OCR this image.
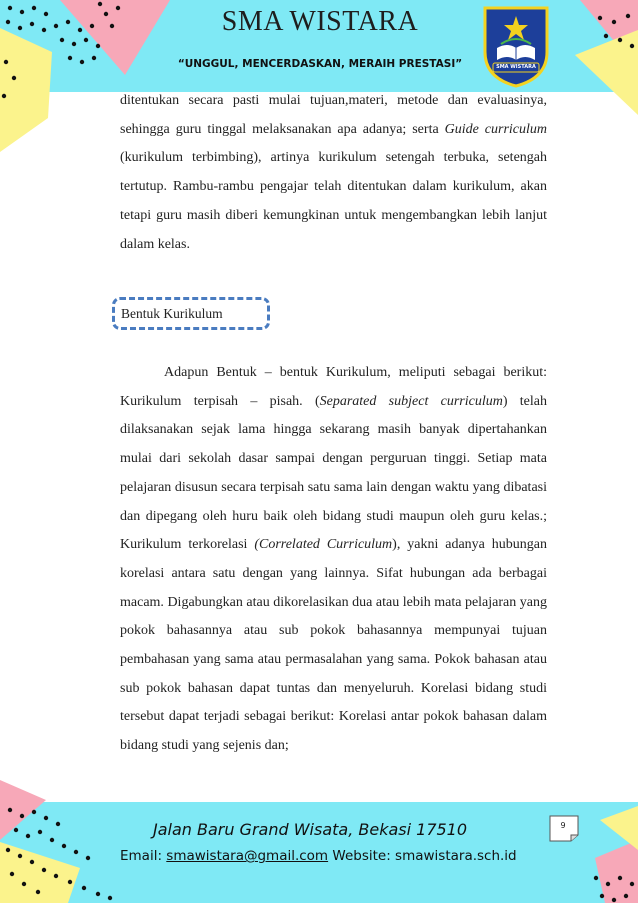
SMA WISTARA
“UNGGUL, MENCERDASKAN, MERAIH PRESTASI”	SMA WISTARA

ditentukan secara pasti mulai tujuan,materi, metode dan evaluasinya, sehingga guru tinggal melaksanakan apa adanya; serta Guide curriculum (kurikulum terbimbing), artinya kurikulum setengah terbuka, setengah tertutup. Rambu-rambu pengajar telah ditentukan dalam kurikulum, akan tetapi guru masih diberi kemungkinan untuk mengembangkan lebih lanjut dalam kelas.

Bentuk Kurikulum

Adapun Bentuk – bentuk Kurikulum, meliputi sebagai berikut: Kurikulum terpisah – pisah. (Separated subject curriculum) telah dilaksanakan sejak lama hingga sekarang masih banyak dipertahankan mulai dari sekolah dasar sampai dengan perguruan tinggi. Setiap mata pelajaran disusun secara terpisah satu sama lain dengan waktu yang dibatasi dan dipegang oleh huru baik oleh bidang studi maupun oleh guru kelas.; Kurikulum terkorelasi (Correlated Curriculum), yakni adanya hubungan korelasi antara satu dengan yang lainnya. Sifat hubungan ada berbagai macam. Digabungkan atau dikorelasikan dua atau lebih mata pelajaran yang pokok bahasannya atau sub pokok bahasannya mempunyai tujuan pembahasan yang sama atau permasalahan yang sama. Pokok bahasan atau sub pokok bahasan dapat tuntas dan menyeluruh. Korelasi bidang studi tersebut dapat terjadi sebagai berikut: Korelasi antar pokok bahasan dalam bidang studi yang sejenis dan;

Jalan Baru Grand Wisata, Bekasi 17510
Email: smawistara@gmail.com Website: smawistara.sch.id
9
